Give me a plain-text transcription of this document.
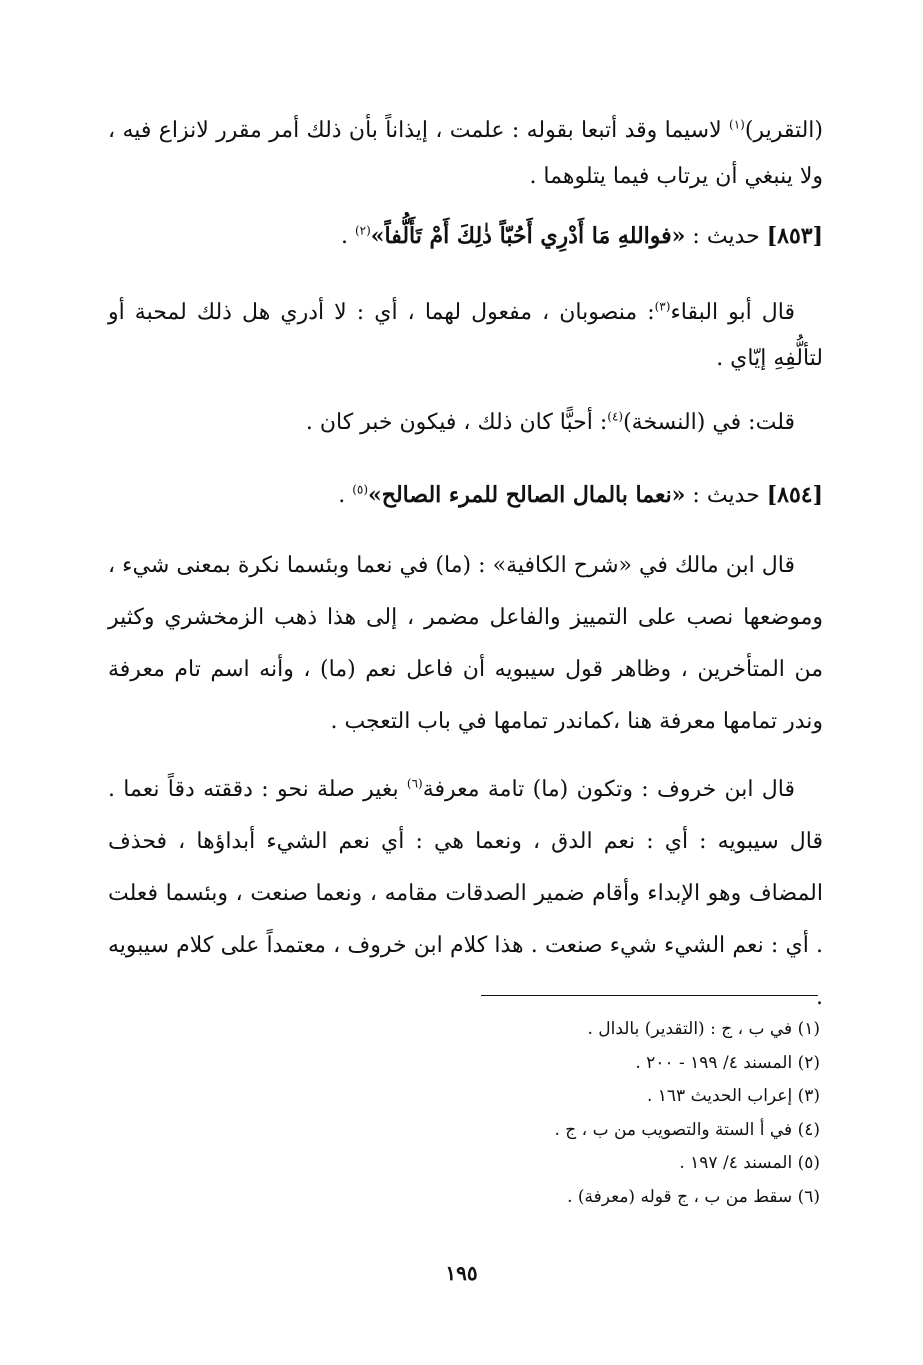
(التقرير)$^{(١)}$ لاسيما وقد أتبعا بقوله : علمت ، إيذاناً بأن ذلك أمر مقرر لانزاع فيه ، ولا ينبغي أن يرتاب فيما يتلوهما .

[٨٥٣] حديث : «فواللهِ مَا أَدْرِي أَحُبّاً ذٰلِكَ أَمْ تَأَلُّفاً»$^{(٢)}$ .

قال أبو البقاء$^{(٣)}$: منصوبان ، مفعول لهما ، أي : لا أدري هل ذلك لمحبة أو لتألُّفِهِ إيّاي .

قلت: في (النسخة)$^{(٤)}$: أحبًّا كان ذلك ، فيكون خبر كان .

[٨٥٤] حديث : «نعما بالمال الصالح للمرء الصالح»$^{(٥)}$ .

قال ابن مالك في «شرح الكافية» : (ما) في نعما وبئسما نكرة بمعنى شيء ، وموضعها نصب على التمييز والفاعل مضمر ، إلى هذا ذهب الزمخشري وكثير من المتأخرين ، وظاهر قول سيبويه أن فاعل نعم (ما) ، وأنه اسم تام معرفة وندر تمامها معرفة هنا ،كماندر تمامها في باب التعجب .

قال ابن خروف : وتكون (ما) تامة معرفة$^{(٦)}$ بغير صلة نحو : دققته دقاً نعما . قال سيبويه : أي : نعم الدق ، ونعما هي : أي نعم الشيء أبداؤها ، فحذف المضاف وهو الإبداء وأقام ضمير الصدقات مقامه ، ونعما صنعت ، وبئسما فعلت . أي : نعم الشيء شيء صنعت . هذا كلام ابن خروف ، معتمداً على كلام سيبويه .

(١) في ب ، ج : (التقدير) بالدال .
(٢) المسند ٤/ ١٩٩ - ٢٠٠ .
(٣) إعراب الحديث ١٦٣ .
(٤) في أ الستة والتصويب من ب ، ج .
(٥) المسند ٤/ ١٩٧ .
(٦) سقط من ب ، ج قوله (معرفة) .
١٩٥
